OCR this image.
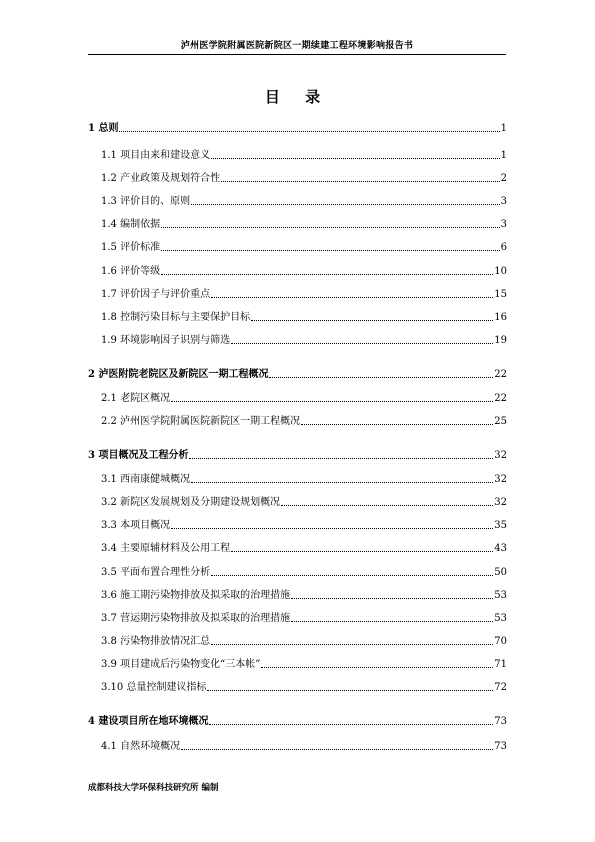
泸州医学院附属医院新院区一期续建工程环境影响报告书
目 录
1 总则	1
1.1 项目由来和建设意义	1
1.2 产业政策及规划符合性	2
1.3 评价目的、原则	3
1.4 编制依据	3
1.5 评价标准	6
1.6 评价等级	10
1.7 评价因子与评价重点	15
1.8 控制污染目标与主要保护目标	16
1.9 环境影响因子识别与筛选	19
2 泸医附院老院区及新院区一期工程概况	22
2.1 老院区概况	22
2.2 泸州医学院附属医院新院区一期工程概况	25
3 项目概况及工程分析	32
3.1 西南康健城概况	32
3.2 新院区发展规划及分期建设规划概况	32
3.3 本项目概况	35
3.4 主要原辅材料及公用工程	43
3.5 平面布置合理性分析	50
3.6 施工期污染物排放及拟采取的治理措施	53
3.7 营运期污染物排放及拟采取的治理措施	53
3.8 污染物排放情况汇总	70
3.9 项目建成后污染物变化“三本帐”	71
3.10 总量控制建议指标	72
4 建设项目所在地环境概况	73
4.1 自然环境概况	73
成都科技大学环保科技研究所 编制
